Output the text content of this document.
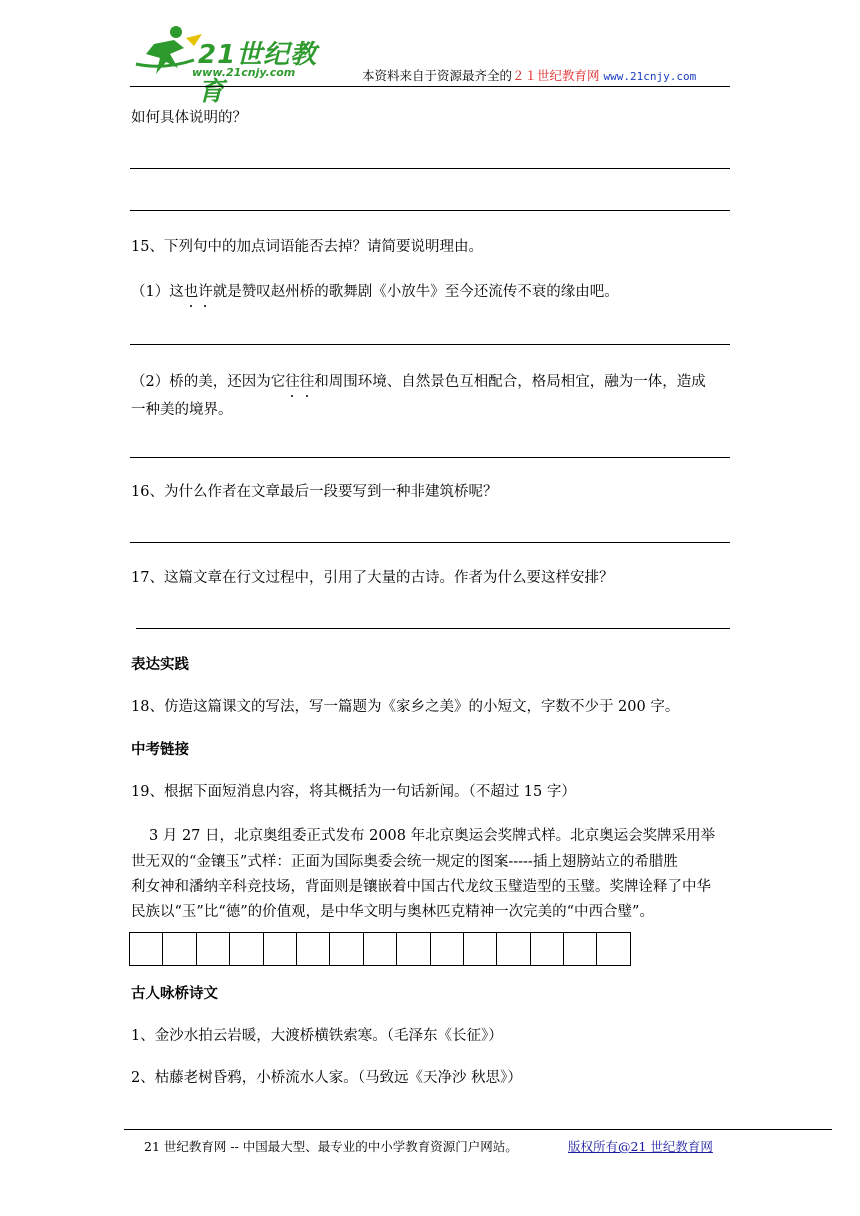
21世纪教育
www.21cnjy.com	本资料来自于资源最齐全的２１世纪教育网 www.21cnjy.com
如何具体说明的？
15、下列句中的加点词语能否去掉？请简要说明理由。
（1）这也许就是赞叹赵州桥的歌舞剧《小放牛》至今还流传不衰的缘由吧。
（2）桥的美，还因为它往往和周围环境、自然景色互相配合，格局相宜，融为一体，造成
一种美的境界。
16、为什么作者在文章最后一段要写到一种非建筑桥呢？
17、这篇文章在行文过程中，引用了大量的古诗。作者为什么要这样安排？
表达实践
18、仿造这篇课文的写法，写一篇题为《家乡之美》的小短文，字数不少于 200 字。
中考链接
19、根据下面短消息内容，将其概括为一句话新闻。（不超过 15 字）
3 月 27 日，北京奥组委正式发布 2008 年北京奥运会奖牌式样。北京奥运会奖牌采用举
世无双的“金镶玉”式样：正面为国际奥委会统一规定的图案-----插上翅膀站立的希腊胜
利女神和潘纳辛科竞技场，背面则是镶嵌着中国古代龙纹玉璧造型的玉璧。奖牌诠释了中华
民族以“玉”比“德”的价值观，是中华文明与奥林匹克精神一次完美的“中西合璧”。
古人咏桥诗文
1、金沙水拍云岩暖，大渡桥横铁索寒。（毛泽东《长征》）
2、枯藤老树昏鸦，小桥流水人家。（马致远《天净沙 秋思》）
21 世纪教育网 -- 中国最大型、最专业的中小学教育资源门户网站。	版权所有@21 世纪教育网
